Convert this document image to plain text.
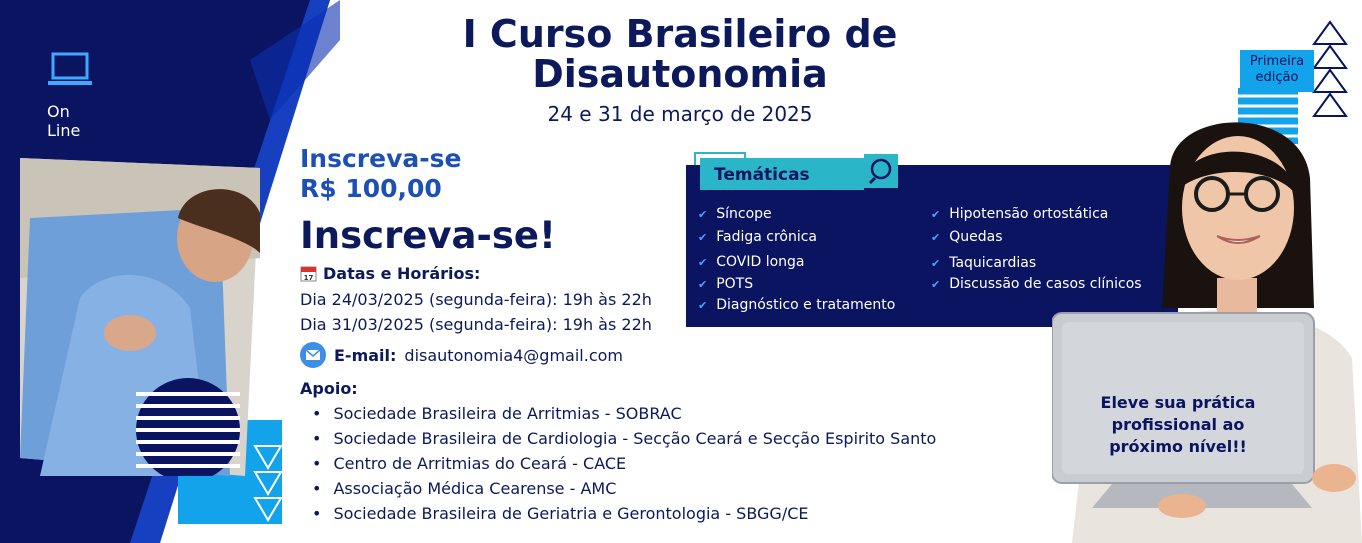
On
Line
I Curso Brasileiro de
Disautonomia
24 e 31 de março de 2025
Inscreva-se
R$ 100,00
Inscreva-se!
17 Datas e Horários:
Dia 24/03/2025 (segunda-feira): 19h às 22h
Dia 31/03/2025 (segunda-feira): 19h às 22h
E-mail: disautonomia4@gmail.com
Apoio:
• Sociedade Brasileira de Arritmias - SOBRAC
• Sociedade Brasileira de Cardiologia - Secção Ceará e Secção Espirito Santo
• Centro de Arritmias do Ceará - CACE
• Associação Médica Cearense - AMC
• Sociedade Brasileira de Geriatria e Gerontologia - SBGG/CE
Temáticas
✔ Síncope
✔ Fadiga crônica
✔ COVID longa
✔ POTS
✔ Diagnóstico e tratamento
✔ Hipotensão ortostática
✔ Quedas
✔ Taquicardias
✔ Discussão de casos clínicos
Primeira
edição
Eleve sua prática
profissional ao
próximo nível!!
